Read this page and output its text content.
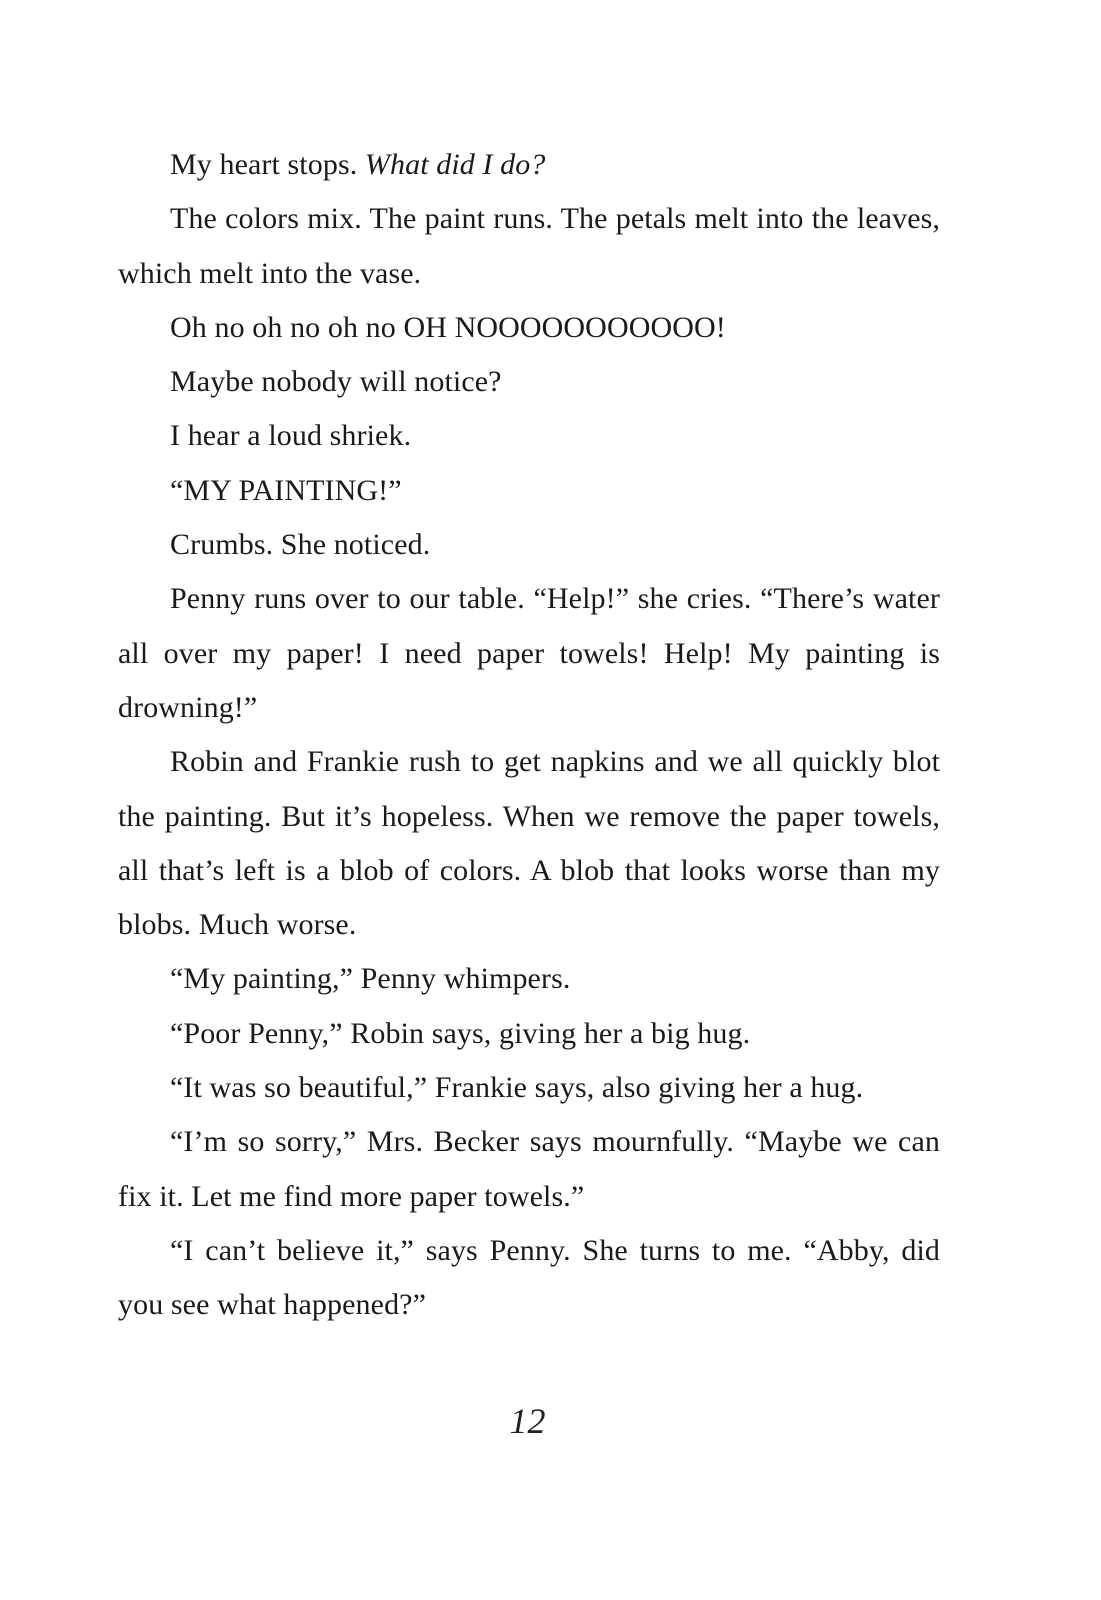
My heart stops. What did I do?

The colors mix. The paint runs. The petals melt into the leaves, which melt into the vase.

Oh no oh no oh no OH NOOOOOOOOOOO!

Maybe nobody will notice?

I hear a loud shriek.

“MY PAINTING!”

Crumbs. She noticed.

Penny runs over to our table. “Help!” she cries. “There’s water all over my paper! I need paper towels! Help! My painting is drowning!”

Robin and Frankie rush to get napkins and we all quickly blot the painting. But it’s hopeless. When we remove the paper towels, all that’s left is a blob of colors. A blob that looks worse than my blobs. Much worse.

“My painting,” Penny whimpers.

“Poor Penny,” Robin says, giving her a big hug.

“It was so beautiful,” Frankie says, also giving her a hug.

“I’m so sorry,” Mrs. Becker says mournfully. “Maybe we can fix it. Let me find more paper towels.”

“I can’t believe it,” says Penny. She turns to me. “Abby, did you see what happened?”

12
